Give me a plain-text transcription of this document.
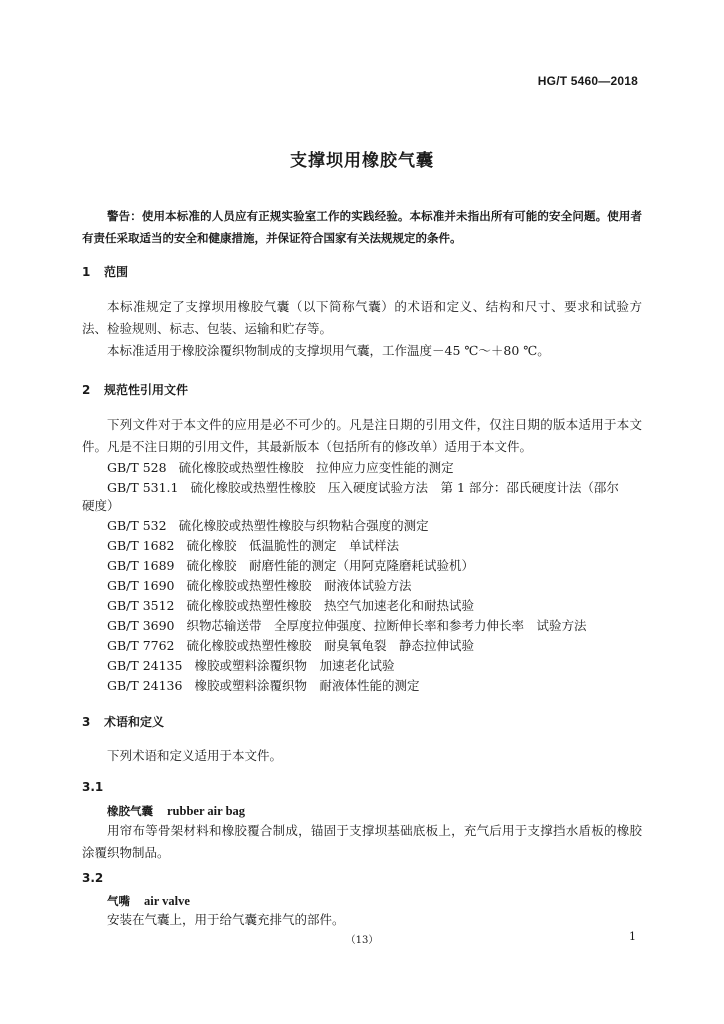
HG/T 5460—2018
支撑坝用橡胶气囊
警告：使用本标准的人员应有正规实验室工作的实践经验。本标准并未指出所有可能的安全问题。使用者有责任采取适当的安全和健康措施，并保证符合国家有关法规规定的条件。
1 范围
本标准规定了支撑坝用橡胶气囊（以下简称气囊）的术语和定义、结构和尺寸、要求和试验方法、检验规则、标志、包装、运输和贮存等。
本标准适用于橡胶涂覆织物制成的支撑坝用气囊，工作温度－45 ℃～＋80 ℃。
2 规范性引用文件
下列文件对于本文件的应用是必不可少的。凡是注日期的引用文件，仅注日期的版本适用于本文件。凡是不注日期的引用文件，其最新版本（包括所有的修改单）适用于本文件。
GB/T 528 硫化橡胶或热塑性橡胶　拉伸应力应变性能的测定
GB/T 531.1 硫化橡胶或热塑性橡胶　压入硬度试验方法　第 1 部分：邵氏硬度计法（邵尔
硬度）
GB/T 532 硫化橡胶或热塑性橡胶与织物粘合强度的测定
GB/T 1682 硫化橡胶　低温脆性的测定　单试样法
GB/T 1689 硫化橡胶　耐磨性能的测定（用阿克隆磨耗试验机）
GB/T 1690 硫化橡胶或热塑性橡胶　耐液体试验方法
GB/T 3512 硫化橡胶或热塑性橡胶　热空气加速老化和耐热试验
GB/T 3690 织物芯输送带　全厚度拉伸强度、拉断伸长率和参考力伸长率　试验方法
GB/T 7762 硫化橡胶或热塑性橡胶　耐臭氧龟裂　静态拉伸试验
GB/T 24135 橡胶或塑料涂覆织物　加速老化试验
GB/T 24136 橡胶或塑料涂覆织物　耐液体性能的测定
3 术语和定义
下列术语和定义适用于本文件。
3.1
橡胶气囊 rubber air bag
用帘布等骨架材料和橡胶覆合制成，锚固于支撑坝基础底板上，充气后用于支撑挡水盾板的橡胶涂覆织物制品。
3.2
气嘴 air valve
安装在气囊上，用于给气囊充排气的部件。
（13）	1
